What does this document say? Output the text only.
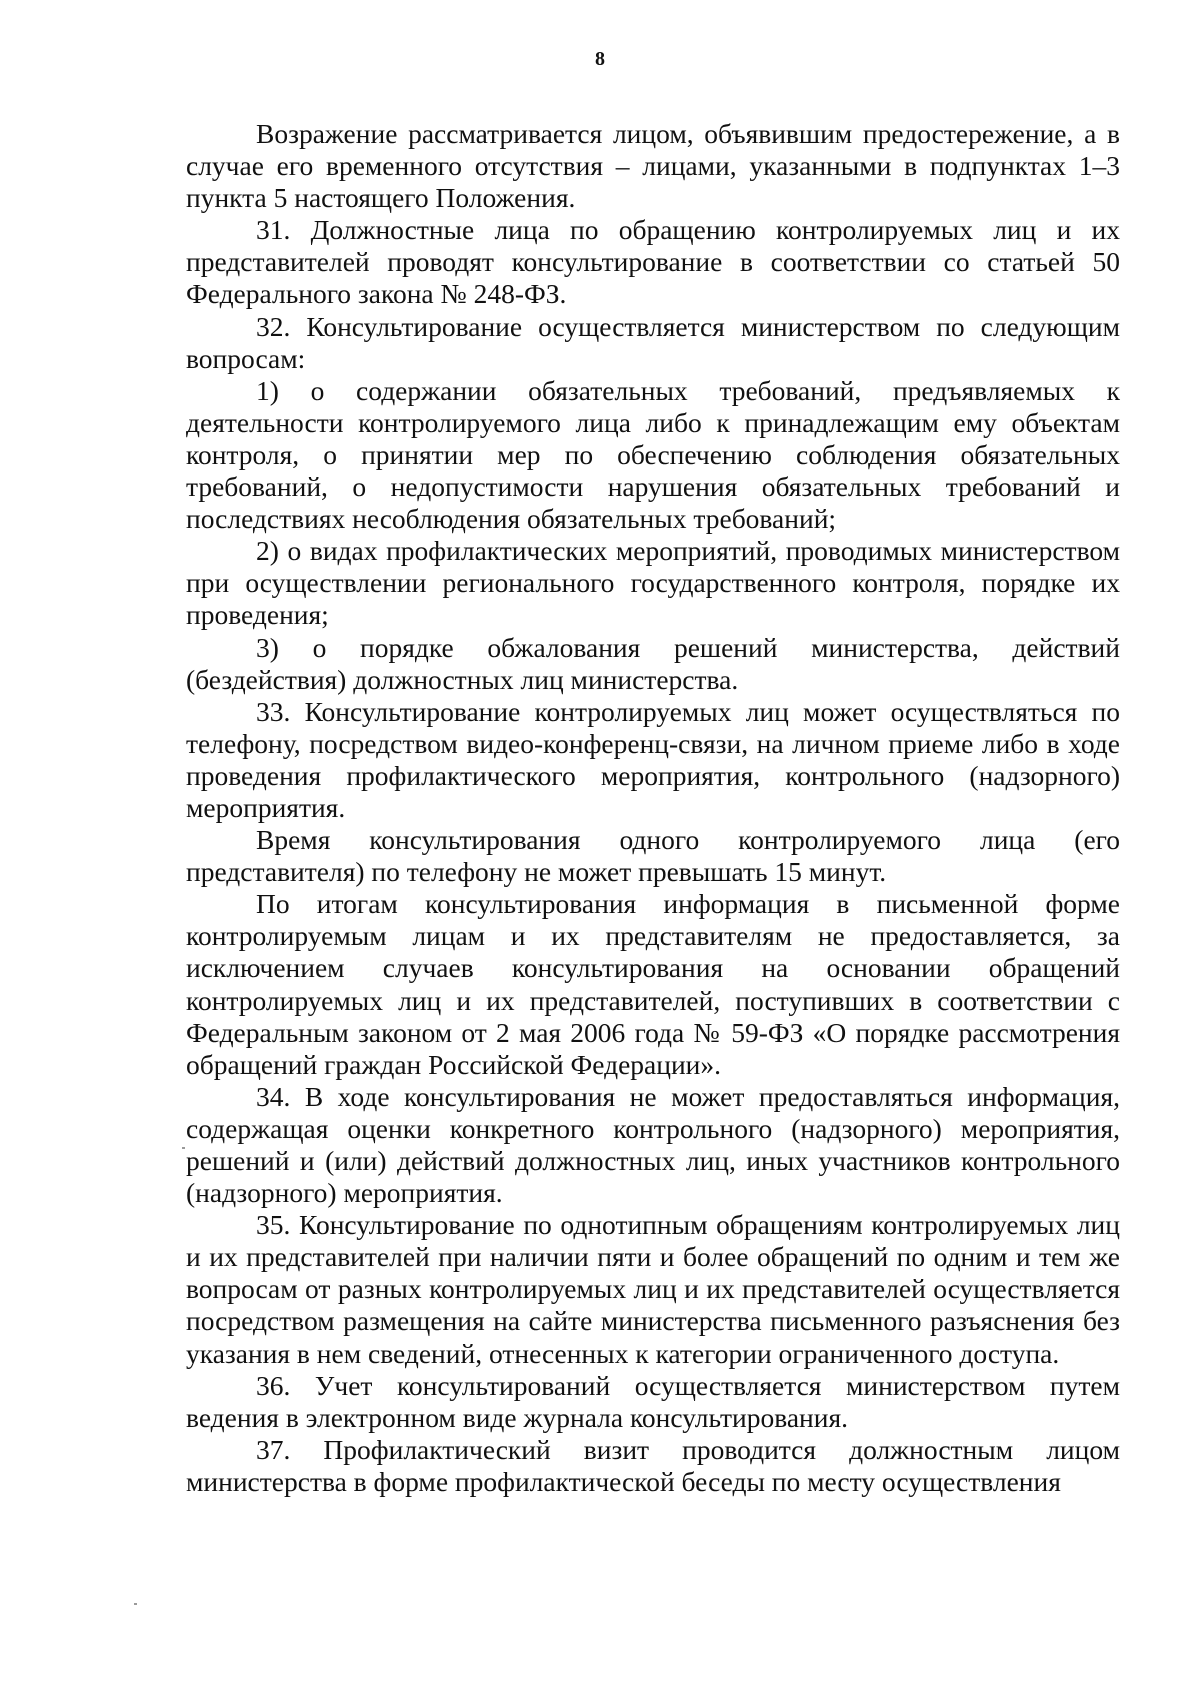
8

Возражение рассматривается лицом, объявившим предостережение, а в случае его временного отсутствия – лицами, указанными в подпунктах 1–3 пункта 5 настоящего Положения.

31. Должностные лица по обращению контролируемых лиц и их представителей проводят консультирование в соответствии со статьей 50 Федерального закона № 248-ФЗ.

32. Консультирование осуществляется министерством по следующим вопросам:

1) о содержании обязательных требований, предъявляемых к деятельности контролируемого лица либо к принадлежащим ему объектам контроля, о принятии мер по обеспечению соблюдения обязательных требований, о недопустимости нарушения обязательных требований и последствиях несоблюдения обязательных требований;

2) о видах профилактических мероприятий, проводимых министерством при осуществлении регионального государственного контроля, порядке их проведения;

3) о порядке обжалования решений министерства, действий (бездействия) должностных лиц министерства.

33. Консультирование контролируемых лиц может осуществляться по телефону, посредством видео-конференц-связи, на личном приеме либо в ходе проведения профилактического мероприятия, контрольного (надзорного) мероприятия.

Время консультирования одного контролируемого лица (его представителя) по телефону не может превышать 15 минут.

По итогам консультирования информация в письменной форме контролируемым лицам и их представителям не предоставляется, за исключением случаев консультирования на основании обращений контролируемых лиц и их представителей, поступивших в соответствии с Федеральным законом от 2 мая 2006 года № 59-ФЗ «О порядке рассмотрения обращений граждан Российской Федерации».

34. В ходе консультирования не может предоставляться информация, содержащая оценки конкретного контрольного (надзорного) мероприятия, решений и (или) действий должностных лиц, иных участников контрольного (надзорного) мероприятия.

35. Консультирование по однотипным обращениям контролируемых лиц и их представителей при наличии пяти и более обращений по одним и тем же вопросам от разных контролируемых лиц и их представителей осуществляется посредством размещения на сайте министерства письменного разъяснения без указания в нем сведений, отнесенных к категории ограниченного доступа.

36. Учет консультирований осуществляется министерством путем ведения в электронном виде журнала консультирования.

37. Профилактический визит проводится должностным лицом министерства в форме профилактической беседы по месту осуществления
